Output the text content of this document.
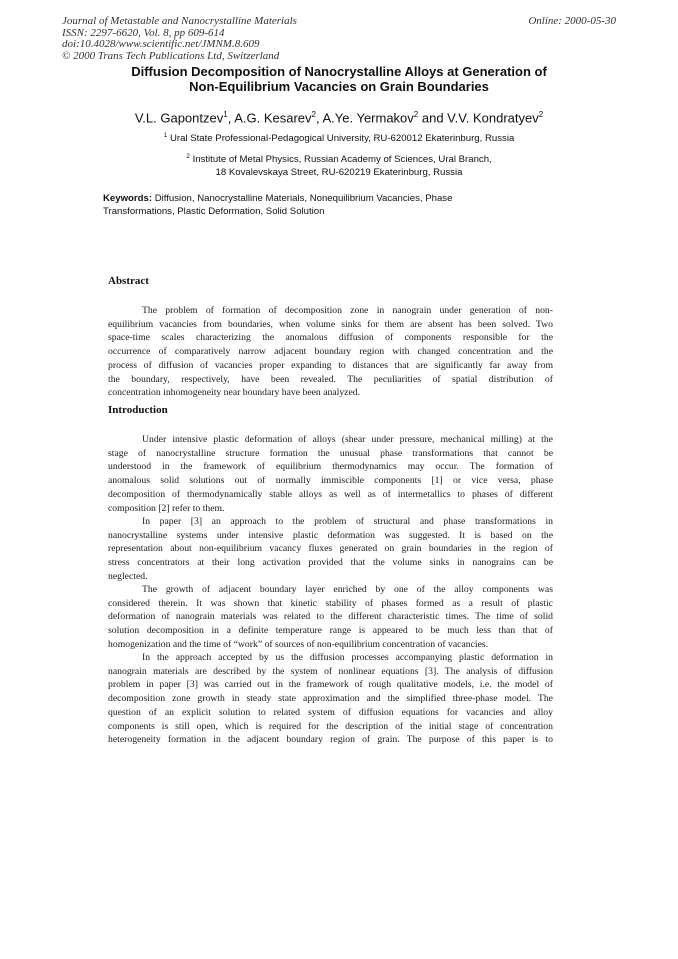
Journal of Metastable and Nanocrystalline Materials
ISSN: 2297-6620, Vol. 8, pp 609-614
doi:10.4028/www.scientific.net/JMNM.8.609
© 2000 Trans Tech Publications Ltd, Switzerland
Online: 2000-05-30
Diffusion Decomposition of Nanocrystalline Alloys at Generation of
Non-Equilibrium Vacancies on Grain Boundaries
V.L. Gapontzev$^1$, A.G. Kesarev$^2$, A.Ye. Yermakov$^2$ and V.V. Kondratyev$^2$
$^1$ Ural State Professional-Pedagogical University, RU-620012 Ekaterinburg, Russia
$^2$ Institute of Metal Physics, Russian Academy of Sciences, Ural Branch,
18 Kovalevskaya Street, RU-620219 Ekaterinburg, Russia
Keywords: Diffusion, Nanocrystalline Materials, Nonequilibrium Vacancies, Phase
Transformations, Plastic Deformation, Solid Solution
Abstract
The problem of formation of decomposition zone in nanograin under generation of non-
equilibrium vacancies from boundaries, when volume sinks for them are absent has been solved. Two
space-time scales characterizing the anomalous diffusion of components responsible for the
occurrence of comparatively narrow adjacent boundary region with changed concentration and the
process of diffusion of vacancies proper expanding to distances that are significantly far away from
the boundary, respectively, have been revealed. The peculiarities of spatial distribution of
concentration inhomogeneity near boundary have been analyzed.
Introduction
Under intensive plastic deformation of alloys (shear under pressure, mechanical milling) at the
stage of nanocrystalline structure formation the unusual phase transformations that cannot be
understood in the framework of equilibrium thermodynamics may occur. The formation of
anomalous solid solutions out of normally immiscible components [1] or vice versa, phase
decomposition of thermodynamically stable alloys as well as of intermetallics to phases of different
composition [2] refer to them.
In paper [3] an approach to the problem of structural and phase transformations in
nanocrystalline systems under intensive plastic deformation was suggested. It is based on the
representation about non-equilibrium vacancy fluxes generated on grain boundaries in the region of
stress concentrators at their long activation provided that the volume sinks in nanograins can be
neglected.
The growth of adjacent boundary layer enriched by one of the alloy components was
considered therein. It was shown that kinetic stability of phases formed as a result of plastic
deformation of nanograin materials was related to the different characteristic times. The time of solid
solution decomposition in a definite temperature range is appeared to be much less than that of
homogenization and the time of “work” of sources of non-equilibrium concentration of vacancies.
In the approach accepted by us the diffusion processes accompanying plastic deformation in
nanograin materials are described by the system of nonlinear equations [3]. The analysis of diffusion
problem in paper [3] was carried out in the framework of rough qualitative models, i.e. the model of
decomposition zone growth in steady state approximation and the simplified three-phase model. The
question of an explicit solution to related system of diffusion equations for vacancies and alloy
components is still open, which is required for the description of the initial stage of concentration
heterogeneity formation in the adjacent boundary region of grain. The purpose of this paper is to
